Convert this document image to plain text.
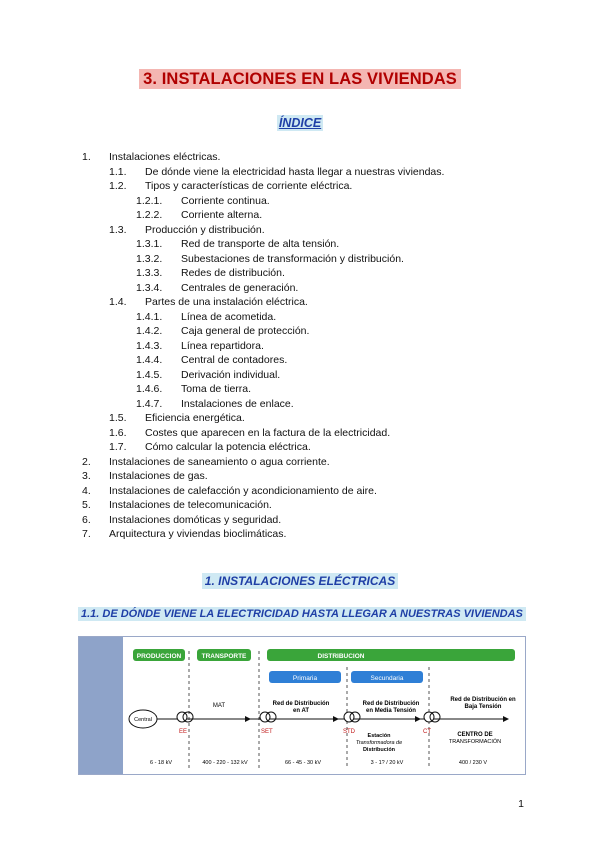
3. INSTALACIONES EN LAS VIVIENDAS
ÍNDICE
1. Instalaciones eléctricas.
1.1. De dónde viene la electricidad hasta llegar a nuestras viviendas.
1.2. Tipos y características de corriente eléctrica.
1.2.1. Corriente continua.
1.2.2. Corriente alterna.
1.3. Producción y distribución.
1.3.1. Red de transporte de alta tensión.
1.3.2. Subestaciones de transformación y distribución.
1.3.3. Redes de distribución.
1.3.4. Centrales de generación.
1.4. Partes de una instalación eléctrica.
1.4.1. Línea de acometida.
1.4.2. Caja general de protección.
1.4.3. Línea repartidora.
1.4.4. Central de contadores.
1.4.5. Derivación individual.
1.4.6. Toma de tierra.
1.4.7. Instalaciones de enlace.
1.5. Eficiencia energética.
1.6. Costes que aparecen en la factura de la electricidad.
1.7. Cómo calcular la potencia eléctrica.
2. Instalaciones de saneamiento o agua corriente.
3. Instalaciones de gas.
4. Instalaciones de calefacción y acondicionamiento de aire.
5. Instalaciones de telecomunicación.
6. Instalaciones domóticas y seguridad.
7. Arquitectura y viviendas bioclimáticas.
1. INSTALACIONES ELÉCTRICAS
1.1. DE DÓNDE VIENE LA ELECTRICIDAD HASTA LLEGAR A NUESTRAS VIVIENDAS
PRODUCCION	TRANSPORTE	DISTRIBUCION
Primaria	Secundaria
Central
EE	SET	STD	CT
MAT	Red de Distribución
en AT
Red de Distribución
en Media Tensión
Red de Distribución en
Baja Tensión
Estación
Transformadora de
Distribución
CENTRO DE
TRANSFORMACIÓN
6 - 18 kV	400 - 220 - 132 kV	66 - 45 - 30 kV	3 - 1? / 20 kV	400 / 230 V
1
